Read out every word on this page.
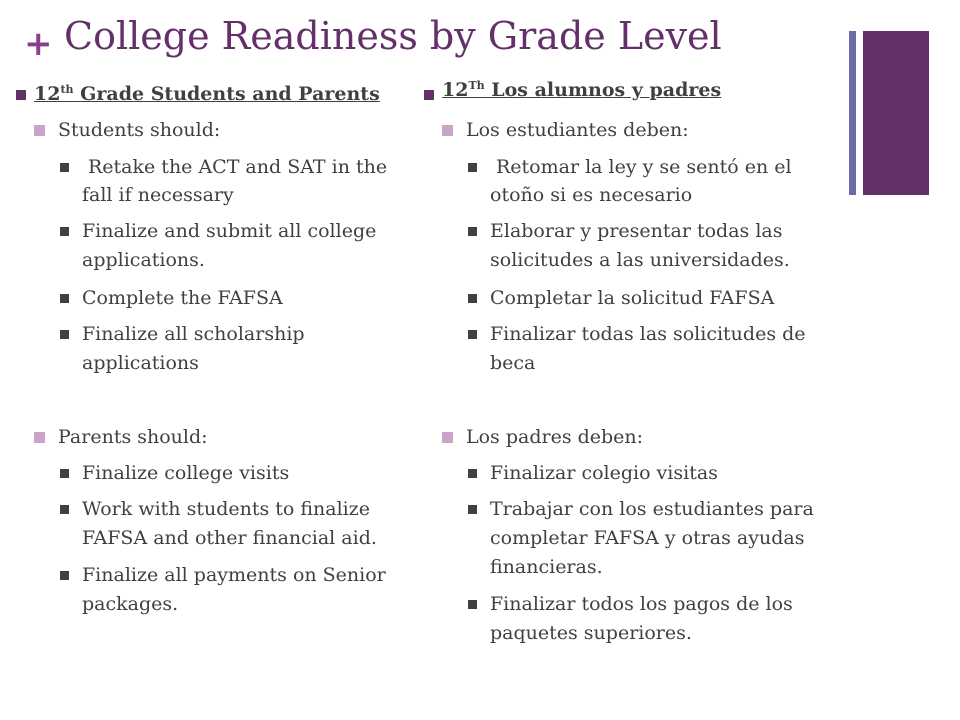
+ College Readiness by Grade Level
12th Grade Students and Parents
Students should:
Retake the ACT and SAT in the
fall if necessary
Finalize and submit all college
applications.
Complete the FAFSA
Finalize all scholarship
applications
Parents should:
Finalize college visits
Work with students to finalize
FAFSA and other financial aid.
Finalize all payments on Senior
packages.
12Th Los alumnos y padres
Los estudiantes deben:
Retomar la ley y se sentó en el
otoño si es necesario
Elaborar y presentar todas las
solicitudes a las universidades.
Completar la solicitud FAFSA
Finalizar todas las solicitudes de
beca
Los padres deben:
Finalizar colegio visitas
Trabajar con los estudiantes para
completar FAFSA y otras ayudas
financieras.
Finalizar todos los pagos de los
paquetes superiores.
